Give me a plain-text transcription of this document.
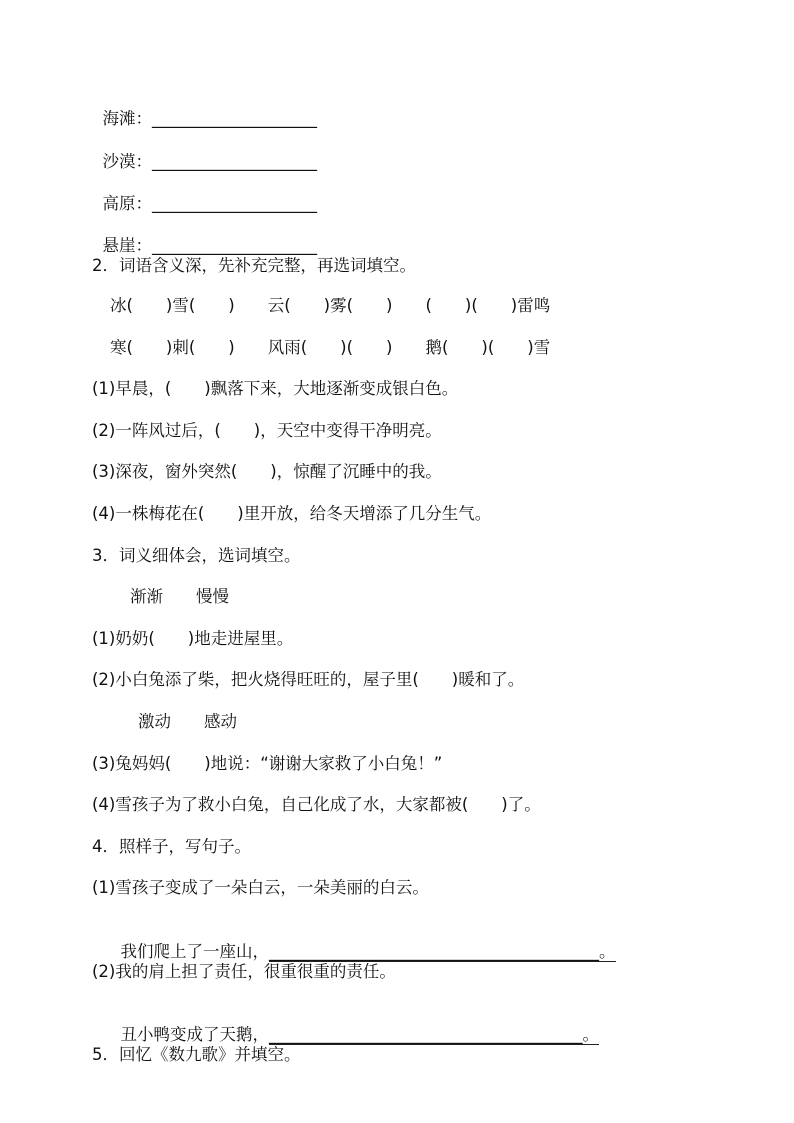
海滩：____________________

沙漠：____________________

高原：____________________

悬崖：____________________

2．词语含义深，先补充完整，再选词填空。
冰(　　)雪(　　)　　云(　　)雾(　　)　　(　　)(　　)雷鸣
寒(　　)刺(　　)　　风雨(　　)(　　)　　鹅(　　)(　　)雪
(1)早晨，(　　)飘落下来，大地逐渐变成银白色。
(2)一阵风过后，(　　)，天空中变得干净明亮。
(3)深夜，窗外突然(　　)，惊醒了沉睡中的我。
(4)一株梅花在(　　)里开放，给冬天增添了几分生气。
3．词义细体会，选词填空。
渐渐　　慢慢
(1)奶奶(　　)地走进屋里。
(2)小白兔添了柴，把火烧得旺旺的，屋子里(　　)暖和了。
激动　　感动
(3)兔妈妈(　　)地说：“谢谢大家救了小白兔！”
(4)雪孩子为了救小白兔，自己化成了水，大家都被(　　)了。
4．照样子，写句子。
(1)雪孩子变成了一朵白云，一朵美丽的白云。

我们爬上了一座山，________________________________________。

(2)我的肩上担了责任，很重很重的责任。

丑小鸭变成了天鹅，______________________________________。

5．回忆《数九歌》并填空。
